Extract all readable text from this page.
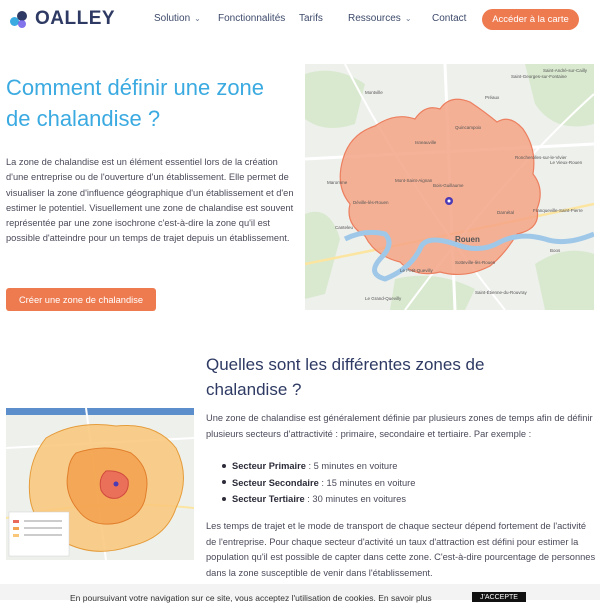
OALLEY	Solution ⌄ Fonctionnalités Tarifs	Ressources ⌄ Contact	Accéder à la carte
Comment définir une zone de chalandise ?

La zone de chalandise est un élément essentiel lors de la création d'une entreprise ou de l'ouverture d'un établissement. Elle permet de visualiser la zone d'influence géographique d'un établissement et d'en estimer le potentiel. Visuellement une zone de chalandise est souvent représentée par une zone isochrone c'est-à-dire la zone qu'il est possible d'atteindre pour un temps de trajet depuis un établissement.

Créer une zone de chalandise
Rouen
Saint-Georges-sur-Fontaine
Saint-André-sur-Cailly
Préaux
Montville
Isneauville
Quincampoix
Roncherolles-sur-le-Vivier
Le Vieux-Rouen
Bois-Guillaume
Déville-lès-Rouen
Maromme
Canteleu
Mont-Saint-Aignan
Franqueville-Saint-Pierre
Le Petit-Quevilly
Sotteville-lès-Rouen
Saint-Étienne-du-Rouvray
Le Grand-Quevilly
Boos
Darnétal
Quelles sont les différentes zones de chalandise ?

Une zone de chalandise est généralement définie par plusieurs zones de temps afin de définir plusieurs secteurs d'attractivité : primaire, secondaire et tertiaire. Par exemple :

Secteur Primaire : 5 minutes en voiture
Secteur Secondaire : 15 minutes en voiture
Secteur Tertiaire : 30 minutes en voitures

Les temps de trajet et le mode de transport de chaque secteur dépend fortement de l'activité de l'entreprise. Pour chaque secteur d'activité un taux d'attraction est défini pour estimer la population qu'il est possible de capter dans cette zone. C'est-à-dire pourcentage de personnes dans la zone susceptible de venir dans l'établissement.

En poursuivant votre navigation sur ce site, vous acceptez l'utilisation de cookies. En savoir plus	J'ACCEPTE
